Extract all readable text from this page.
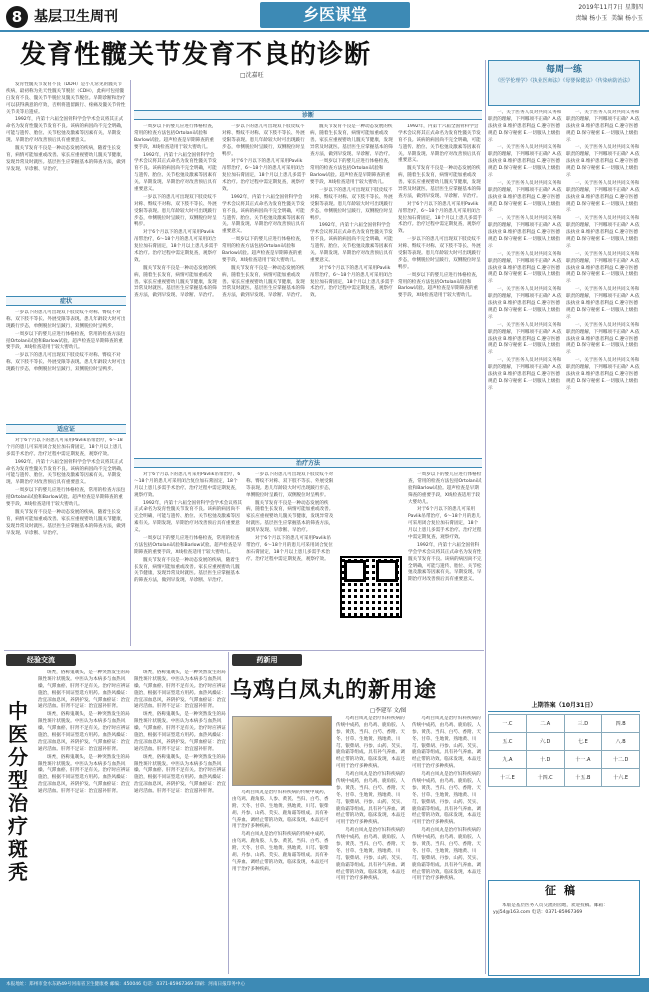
8 基层卫生周刊	乡医课堂	2019年11月7日 星期四
责编 杨小玉 美编 杨小玉
发育性髋关节发育不良的诊断
□沈嘉旺

发育性髋关节发育不良（DDH）是小儿常见的髋关节疾病，最初称为先天性髋关节脱位（CDH），此病可包括髋臼发育不良、髋关节半脱位及髋关节脱位。早期诊断和治疗可以获得满意的疗效，否则将遗留跛行、疼痛及髋关节骨性关节炎等后遗症。

1992年，内第十六届全国骨科学会学术会议将其正式命名为发育性髋关节发育不良。该病的病因尚不完全明确，可能与遗传、胎位、关节松弛及激素等因素有关。早期发现、早期治疗对改善预后具有重要意义。

髋关节发育不良是一种动态发展的疾病，随着生长发育，病情可能加重或改善。家长应重视婴幼儿髋关节健康，发现异常及时就医。基层医生应掌握基本的筛查方法，做到早发现、早诊断、早治疗。

症状

一岁以下的患儿可出现双下肢皮纹不对称、臀纹不对称、双下肢不等长、外展受限等表现。患儿年龄较大时可出现跛行步态，单侧脱位时呈跛行，双侧脱位时呈鸭步。

一周岁以下的婴儿应进行体格检查，常用的检查方法包括Ortolani试验和Barlow试验。超声检查是早期筛查的重要手段，X线检查适用于较大婴幼儿。

一岁以下的患儿可出现双下肢皮纹不对称、臀纹不对称、双下肢不等长、外展受限等表现。患儿年龄较大时可出现跛行步态，单侧脱位时呈跛行，双侧脱位时呈鸭步。

适应证

对于6个月以下的患儿可采用Pavlik吊带治疗，6～18个月的患儿可采用闭合复位加石膏固定，18个月以上患儿多需手术治疗。治疗过程中需定期复查，观察疗效。

1992年，内第十六届全国骨科学会学术会议将其正式命名为发育性髋关节发育不良。该病的病因尚不完全明确，可能与遗传、胎位、关节松弛及激素等因素有关。早期发现、早期治疗对改善预后具有重要意义。

一周岁以下的婴儿应进行体格检查，常用的检查方法包括Ortolani试验和Barlow试验。超声检查是早期筛查的重要手段，X线检查适用于较大婴幼儿。

髋关节发育不良是一种动态发展的疾病，随着生长发育，病情可能加重或改善。家长应重视婴幼儿髋关节健康，发现异常及时就医。基层医生应掌握基本的筛查方法，做到早发现、早诊断、早治疗。

诊断

一周岁以下的婴儿应进行体格检查，常用的检查方法包括Ortolani试验和Barlow试验。超声检查是早期筛查的重要手段，X线检查适用于较大婴幼儿。

1992年，内第十六届全国骨科学会学术会议将其正式命名为发育性髋关节发育不良。该病的病因尚不完全明确，可能与遗传、胎位、关节松弛及激素等因素有关。早期发现、早期治疗对改善预后具有重要意义。

一岁以下的患儿可出现双下肢皮纹不对称、臀纹不对称、双下肢不等长、外展受限等表现。患儿年龄较大时可出现跛行步态，单侧脱位时呈跛行，双侧脱位时呈鸭步。

对于6个月以下的患儿可采用Pavlik吊带治疗，6～18个月的患儿可采用闭合复位加石膏固定，18个月以上患儿多需手术治疗。治疗过程中需定期复查，观察疗效。

髋关节发育不良是一种动态发展的疾病，随着生长发育，病情可能加重或改善。家长应重视婴幼儿髋关节健康，发现异常及时就医。基层医生应掌握基本的筛查方法，做到早发现、早诊断、早治疗。

一岁以下的患儿可出现双下肢皮纹不对称、臀纹不对称、双下肢不等长、外展受限等表现。患儿年龄较大时可出现跛行步态，单侧脱位时呈跛行，双侧脱位时呈鸭步。

对于6个月以下的患儿可采用Pavlik吊带治疗，6～18个月的患儿可采用闭合复位加石膏固定，18个月以上患儿多需手术治疗。治疗过程中需定期复查，观察疗效。

1992年，内第十六届全国骨科学会学术会议将其正式命名为发育性髋关节发育不良。该病的病因尚不完全明确，可能与遗传、胎位、关节松弛及激素等因素有关。早期发现、早期治疗对改善预后具有重要意义。

一周岁以下的婴儿应进行体格检查，常用的检查方法包括Ortolani试验和Barlow试验。超声检查是早期筛查的重要手段，X线检查适用于较大婴幼儿。

髋关节发育不良是一种动态发展的疾病，随着生长发育，病情可能加重或改善。家长应重视婴幼儿髋关节健康，发现异常及时就医。基层医生应掌握基本的筛查方法，做到早发现、早诊断、早治疗。

髋关节发育不良是一种动态发展的疾病，随着生长发育，病情可能加重或改善。家长应重视婴幼儿髋关节健康，发现异常及时就医。基层医生应掌握基本的筛查方法，做到早发现、早诊断、早治疗。

一周岁以下的婴儿应进行体格检查，常用的检查方法包括Ortolani试验和Barlow试验。超声检查是早期筛查的重要手段，X线检查适用于较大婴幼儿。

一岁以下的患儿可出现双下肢皮纹不对称、臀纹不对称、双下肢不等长、外展受限等表现。患儿年龄较大时可出现跛行步态，单侧脱位时呈跛行，双侧脱位时呈鸭步。

1992年，内第十六届全国骨科学会学术会议将其正式命名为发育性髋关节发育不良。该病的病因尚不完全明确，可能与遗传、胎位、关节松弛及激素等因素有关。早期发现、早期治疗对改善预后具有重要意义。

对于6个月以下的患儿可采用Pavlik吊带治疗，6～18个月的患儿可采用闭合复位加石膏固定，18个月以上患儿多需手术治疗。治疗过程中需定期复查，观察疗效。

1992年，内第十六届全国骨科学会学术会议将其正式命名为发育性髋关节发育不良。该病的病因尚不完全明确，可能与遗传、胎位、关节松弛及激素等因素有关。早期发现、早期治疗对改善预后具有重要意义。

髋关节发育不良是一种动态发展的疾病，随着生长发育，病情可能加重或改善。家长应重视婴幼儿髋关节健康，发现异常及时就医。基层医生应掌握基本的筛查方法，做到早发现、早诊断、早治疗。

对于6个月以下的患儿可采用Pavlik吊带治疗，6～18个月的患儿可采用闭合复位加石膏固定，18个月以上患儿多需手术治疗。治疗过程中需定期复查，观察疗效。

一岁以下的患儿可出现双下肢皮纹不对称、臀纹不对称、双下肢不等长、外展受限等表现。患儿年龄较大时可出现跛行步态，单侧脱位时呈跛行，双侧脱位时呈鸭步。

一周岁以下的婴儿应进行体格检查，常用的检查方法包括Ortolani试验和Barlow试验。超声检查是早期筛查的重要手段，X线检查适用于较大婴幼儿。

治疗方法

对于6个月以下的患儿可采用Pavlik吊带治疗，6～18个月的患儿可采用闭合复位加石膏固定，18个月以上患儿多需手术治疗。治疗过程中需定期复查，观察疗效。

1992年，内第十六届全国骨科学会学术会议将其正式命名为发育性髋关节发育不良。该病的病因尚不完全明确，可能与遗传、胎位、关节松弛及激素等因素有关。早期发现、早期治疗对改善预后具有重要意义。

一周岁以下的婴儿应进行体格检查，常用的检查方法包括Ortolani试验和Barlow试验。超声检查是早期筛查的重要手段，X线检查适用于较大婴幼儿。

髋关节发育不良是一种动态发展的疾病，随着生长发育，病情可能加重或改善。家长应重视婴幼儿髋关节健康，发现异常及时就医。基层医生应掌握基本的筛查方法，做到早发现、早诊断、早治疗。

一岁以下的患儿可出现双下肢皮纹不对称、臀纹不对称、双下肢不等长、外展受限等表现。患儿年龄较大时可出现跛行步态，单侧脱位时呈跛行，双侧脱位时呈鸭步。

髋关节发育不良是一种动态发展的疾病，随着生长发育，病情可能加重或改善。家长应重视婴幼儿髋关节健康，发现异常及时就医。基层医生应掌握基本的筛查方法，做到早发现、早诊断、早治疗。

对于6个月以下的患儿可采用Pavlik吊带治疗，6～18个月的患儿可采用闭合复位加石膏固定，18个月以上患儿多需手术治疗。治疗过程中需定期复查，观察疗效。

一周岁以下的婴儿应进行体格检查，常用的检查方法包括Ortolani试验和Barlow试验。超声检查是早期筛查的重要手段，X线检查适用于较大婴幼儿。

对于6个月以下的患儿可采用Pavlik吊带治疗，6～18个月的患儿可采用闭合复位加石膏固定，18个月以上患儿多需手术治疗。治疗过程中需定期复查，观察疗效。

1992年，内第十六届全国骨科学会学术会议将其正式命名为发育性髋关节发育不良。该病的病因尚不完全明确，可能与遗传、胎位、关节松弛及激素等因素有关。早期发现、早期治疗对改善预后具有重要意义。

每周一练
《医学伦理学》《执业医师法》《母婴保健法》《传染病防治法》

一、关于医务人员对共同义务和职责的理解，下列哪项不正确？A.依法执业 B.维护患者利益 C.遵守医德规范 D.保守秘密 E.一切服从上级指示

一、关于医务人员对共同义务和职责的理解，下列哪项不正确？A.依法执业 B.维护患者利益 C.遵守医德规范 D.保守秘密 E.一切服从上级指示

一、关于医务人员对共同义务和职责的理解，下列哪项不正确？A.依法执业 B.维护患者利益 C.遵守医德规范 D.保守秘密 E.一切服从上级指示

一、关于医务人员对共同义务和职责的理解，下列哪项不正确？A.依法执业 B.维护患者利益 C.遵守医德规范 D.保守秘密 E.一切服从上级指示

一、关于医务人员对共同义务和职责的理解，下列哪项不正确？A.依法执业 B.维护患者利益 C.遵守医德规范 D.保守秘密 E.一切服从上级指示

一、关于医务人员对共同义务和职责的理解，下列哪项不正确？A.依法执业 B.维护患者利益 C.遵守医德规范 D.保守秘密 E.一切服从上级指示

一、关于医务人员对共同义务和职责的理解，下列哪项不正确？A.依法执业 B.维护患者利益 C.遵守医德规范 D.保守秘密 E.一切服从上级指示

一、关于医务人员对共同义务和职责的理解，下列哪项不正确？A.依法执业 B.维护患者利益 C.遵守医德规范 D.保守秘密 E.一切服从上级指示

一、关于医务人员对共同义务和职责的理解，下列哪项不正确？A.依法执业 B.维护患者利益 C.遵守医德规范 D.保守秘密 E.一切服从上级指示

一、关于医务人员对共同义务和职责的理解，下列哪项不正确？A.依法执业 B.维护患者利益 C.遵守医德规范 D.保守秘密 E.一切服从上级指示

一、关于医务人员对共同义务和职责的理解，下列哪项不正确？A.依法执业 B.维护患者利益 C.遵守医德规范 D.保守秘密 E.一切服从上级指示

一、关于医务人员对共同义务和职责的理解，下列哪项不正确？A.依法执业 B.维护患者利益 C.遵守医德规范 D.保守秘密 E.一切服从上级指示

一、关于医务人员对共同义务和职责的理解，下列哪项不正确？A.依法执业 B.维护患者利益 C.遵守医德规范 D.保守秘密 E.一切服从上级指示

一、关于医务人员对共同义务和职责的理解，下列哪项不正确？A.依法执业 B.维护患者利益 C.遵守医德规范 D.保守秘密 E.一切服从上级指示

一、关于医务人员对共同义务和职责的理解，下列哪项不正确？A.依法执业 B.维护患者利益 C.遵守医德规范 D.保守秘密 E.一切服从上级指示

一、关于医务人员对共同义务和职责的理解，下列哪项不正确？A.依法执业 B.维护患者利益 C.遵守医德规范 D.保守秘密 E.一切服从上级指示

上期答案（10月31日）
一.C	二.A	三.D	四.B
五.C	六.D	七.E	八.B
九.A	十.D	十一.A	十二.D
十三.E	十四.C	十五.B	十六.E
征稿

本版是基层医务人员交流的园地，欢迎投稿。邮箱：yyj54@163.com 电话：0371-85967369

经验交流
中医分型治疗斑秃

斑秃，俗称鬼剃头，是一种突然发生的局限性斑片状脱发。中医认为本病多与血热风燥、气滞血瘀、肝肾不足有关。治疗时应辨证施治，根据不同证型选方用药。血热风燥证：治宜凉血息风，养阴护发。气滞血瘀证：治宜通窍活血。肝肾不足证：治宜滋补肝肾。

斑秃，俗称鬼剃头，是一种突然发生的局限性斑片状脱发。中医认为本病多与血热风燥、气滞血瘀、肝肾不足有关。治疗时应辨证施治，根据不同证型选方用药。血热风燥证：治宜凉血息风，养阴护发。气滞血瘀证：治宜通窍活血。肝肾不足证：治宜滋补肝肾。

斑秃，俗称鬼剃头，是一种突然发生的局限性斑片状脱发。中医认为本病多与血热风燥、气滞血瘀、肝肾不足有关。治疗时应辨证施治，根据不同证型选方用药。血热风燥证：治宜凉血息风，养阴护发。气滞血瘀证：治宜通窍活血。肝肾不足证：治宜滋补肝肾。

斑秃，俗称鬼剃头，是一种突然发生的局限性斑片状脱发。中医认为本病多与血热风燥、气滞血瘀、肝肾不足有关。治疗时应辨证施治，根据不同证型选方用药。血热风燥证：治宜凉血息风，养阴护发。气滞血瘀证：治宜通窍活血。肝肾不足证：治宜滋补肝肾。

斑秃，俗称鬼剃头，是一种突然发生的局限性斑片状脱发。中医认为本病多与血热风燥、气滞血瘀、肝肾不足有关。治疗时应辨证施治，根据不同证型选方用药。血热风燥证：治宜凉血息风，养阴护发。气滞血瘀证：治宜通窍活血。肝肾不足证：治宜滋补肝肾。

斑秃，俗称鬼剃头，是一种突然发生的局限性斑片状脱发。中医认为本病多与血热风燥、气滞血瘀、肝肾不足有关。治疗时应辨证施治，根据不同证型选方用药。血热风燥证：治宜凉血息风，养阴护发。气滞血瘀证：治宜通窍活血。肝肾不足证：治宜滋补肝肾。

药新用
乌鸡白凤丸的新用途
□李建军 文/图

乌鸡白凤丸是治疗妇科疾病的传统中成药，由乌鸡、鹿角胶、人参、黄芪、当归、白芍、香附、天冬、甘草、生地黄、熟地黄、川芎、银柴胡、丹参、山药、芡实、鹿角霜等组成。具有补气养血、调经止带的功效。临床发现，本品还可用于治疗多种疾病。

乌鸡白凤丸是治疗妇科疾病的传统中成药，由乌鸡、鹿角胶、人参、黄芪、当归、白芍、香附、天冬、甘草、生地黄、熟地黄、川芎、银柴胡、丹参、山药、芡实、鹿角霜等组成。具有补气养血、调经止带的功效。临床发现，本品还可用于治疗多种疾病。

乌鸡白凤丸是治疗妇科疾病的传统中成药，由乌鸡、鹿角胶、人参、黄芪、当归、白芍、香附、天冬、甘草、生地黄、熟地黄、川芎、银柴胡、丹参、山药、芡实、鹿角霜等组成。具有补气养血、调经止带的功效。临床发现，本品还可用于治疗多种疾病。

乌鸡白凤丸是治疗妇科疾病的传统中成药，由乌鸡、鹿角胶、人参、黄芪、当归、白芍、香附、天冬、甘草、生地黄、熟地黄、川芎、银柴胡、丹参、山药、芡实、鹿角霜等组成。具有补气养血、调经止带的功效。临床发现，本品还可用于治疗多种疾病。

乌鸡白凤丸是治疗妇科疾病的传统中成药，由乌鸡、鹿角胶、人参、黄芪、当归、白芍、香附、天冬、甘草、生地黄、熟地黄、川芎、银柴胡、丹参、山药、芡实、鹿角霜等组成。具有补气养血、调经止带的功效。临床发现，本品还可用于治疗多种疾病。

乌鸡白凤丸是治疗妇科疾病的传统中成药，由乌鸡、鹿角胶、人参、黄芪、当归、白芍、香附、天冬、甘草、生地黄、熟地黄、川芎、银柴胡、丹参、山药、芡实、鹿角霜等组成。具有补气养血、调经止带的功效。临床发现，本品还可用于治疗多种疾病。

乌鸡白凤丸是治疗妇科疾病的传统中成药，由乌鸡、鹿角胶、人参、黄芪、当归、白芍、香附、天冬、甘草、生地黄、熟地黄、川芎、银柴胡、丹参、山药、芡实、鹿角霜等组成。具有补气养血、调经止带的功效。临床发现，本品还可用于治疗多种疾病。

乌鸡白凤丸是治疗妇科疾病的传统中成药，由乌鸡、鹿角胶、人参、黄芪、当归、白芍、香附、天冬、甘草、生地黄、熟地黄、川芎、银柴胡、丹参、山药、芡实、鹿角霜等组成。具有补气养血、调经止带的功效。临床发现，本品还可用于治疗多种疾病。

本报地址：郑州市金水东路49号河南省卫生健康委 邮编：450046 电话：0371-85967369 印刷：河南日报印务中心
